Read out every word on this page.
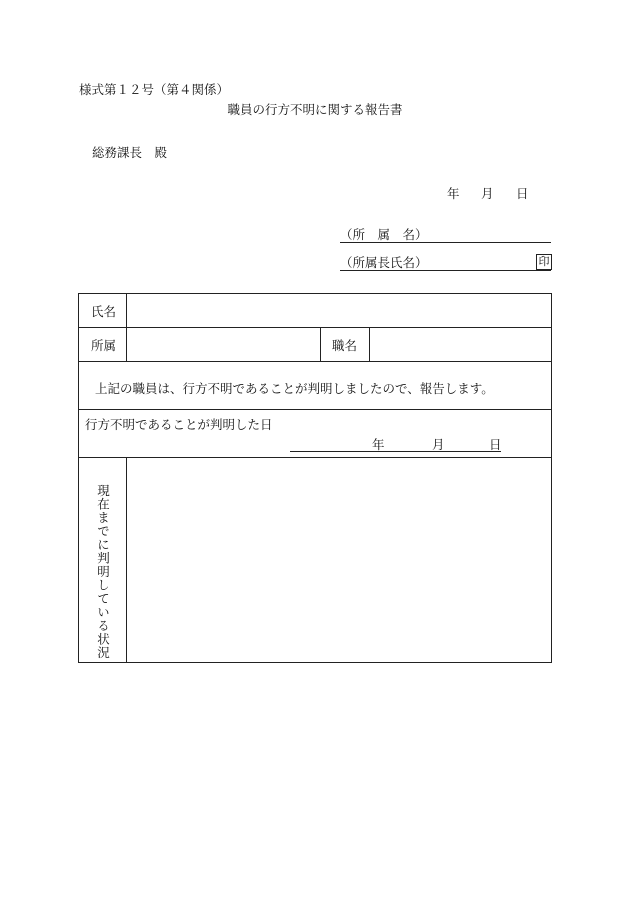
様式第１２号（第４関係）
職員の行方不明に関する報告書
総務課長　殿
年 月 日
（所　属　名）
（所属長氏名）	印
氏名
所属	職名
上記の職員は、行方不明であることが判明しましたので、報告します。
行方不明であることが判明した日
年	月	日
現在までに判明している状況
